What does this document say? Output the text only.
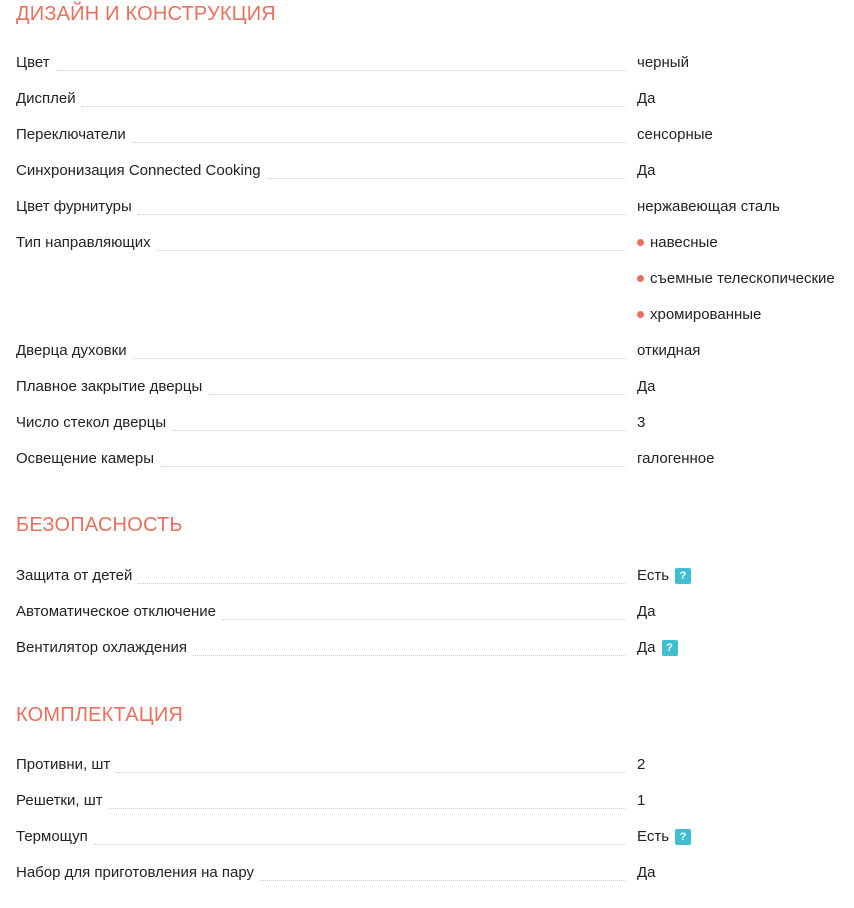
ДИЗАЙН И КОНСТРУКЦИЯ
Цвет	черный
Дисплей	Да
Переключатели	сенсорные
Синхронизация Connected Cooking	Да
Цвет фурнитуры	нержавеющая сталь
Тип направляющих	навесные
съемные телескопические
хромированные
Дверца духовки	откидная
Плавное закрытие дверцы	Да
Число стекол дверцы	3
Освещение камеры	галогенное
БЕЗОПАСНОСТЬ
Защита от детей	Есть ?
Автоматическое отключение	Да
Вентилятор охлаждения	Да ?
КОМПЛЕКТАЦИЯ
Противни, шт	2
Решетки, шт	1
Термощуп	Есть ?
Набор для приготовления на пару	Да
